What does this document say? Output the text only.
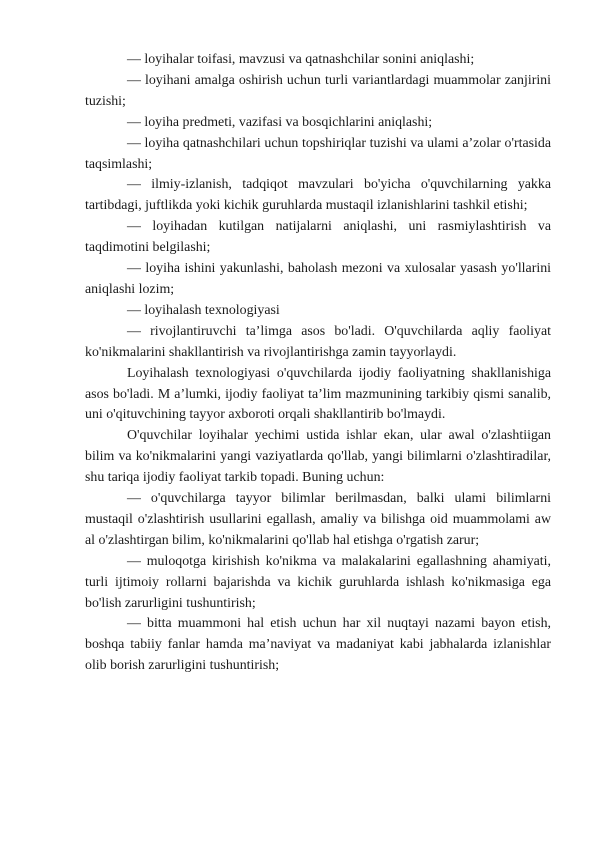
— loyihalar toifasi, mavzusi va qatnashchilar sonini aniqlashi;

— loyihani amalga oshirish uchun turli variantlardagi muammolar zanjirini tuzishi;

— loyiha predmeti, vazifasi va bosqichlarini aniqlashi;

— loyiha qatnashchilari uchun topshiriqlar tuzishi va ulami a’zolar o'rtasida taqsimlashi;

— ilmiy-izlanish, tadqiqot mavzulari bo'yicha o'quvchilarning yakka tartibdagi, juftlikda yoki kichik guruhlarda mustaqil izlanishlarini tashkil etishi;

— loyihadan kutilgan natijalarni aniqlashi, uni rasmiylashtirish va taqdimotini belgilashi;

— loyiha ishini yakunlashi, baholash mezoni va xulosalar yasash yo'llarini aniqlashi lozim;

— loyihalash texnologiyasi

— rivojlantiruvchi ta’limga asos bo'ladi. O'quvchilarda aqliy faoliyat ko'nikmalarini shakllantirish va rivojlantirishga zamin tayyorlaydi.

Loyihalash texnologiyasi o'quvchilarda ijodiy faoliyatning shakllanishiga asos bo'ladi. M a’lumki, ijodiy faoliyat ta’lim mazmunining tarkibiy qismi sanalib, uni o'qituvchining tayyor axboroti orqali shakllantirib bo'lmaydi.

O'quvchilar loyihalar yechimi ustida ishlar ekan, ular awal o'zlashtiigan bilim va ko'nikmalarini yangi vaziyatlarda qo'llab, yangi bilimlarni o'zlashtiradilar, shu tariqa ijodiy faoliyat tarkib topadi. Buning uchun:

— o'quvchilarga tayyor bilimlar berilmasdan, balki ulami bilimlarni mustaqil o'zlashtirish usullarini egallash, amaliy va bilishga oid muammolami aw al o'zlashtirgan bilim, ko'nikmalarini qo'llab hal etishga o'rgatish zarur;

— muloqotga kirishish ko'nikma va malakalarini egallashning ahamiyati, turli ijtimoiy rollarni bajarishda va kichik guruhlarda ishlash ko'nikmasiga ega bo'lish zarurligini tushuntirish;

— bitta muammoni hal etish uchun har xil nuqtayi nazami bayon etish, boshqa tabiiy fanlar hamda ma’naviyat va madaniyat kabi jabhalarda izlanishlar olib borish zarurligini tushuntirish;
